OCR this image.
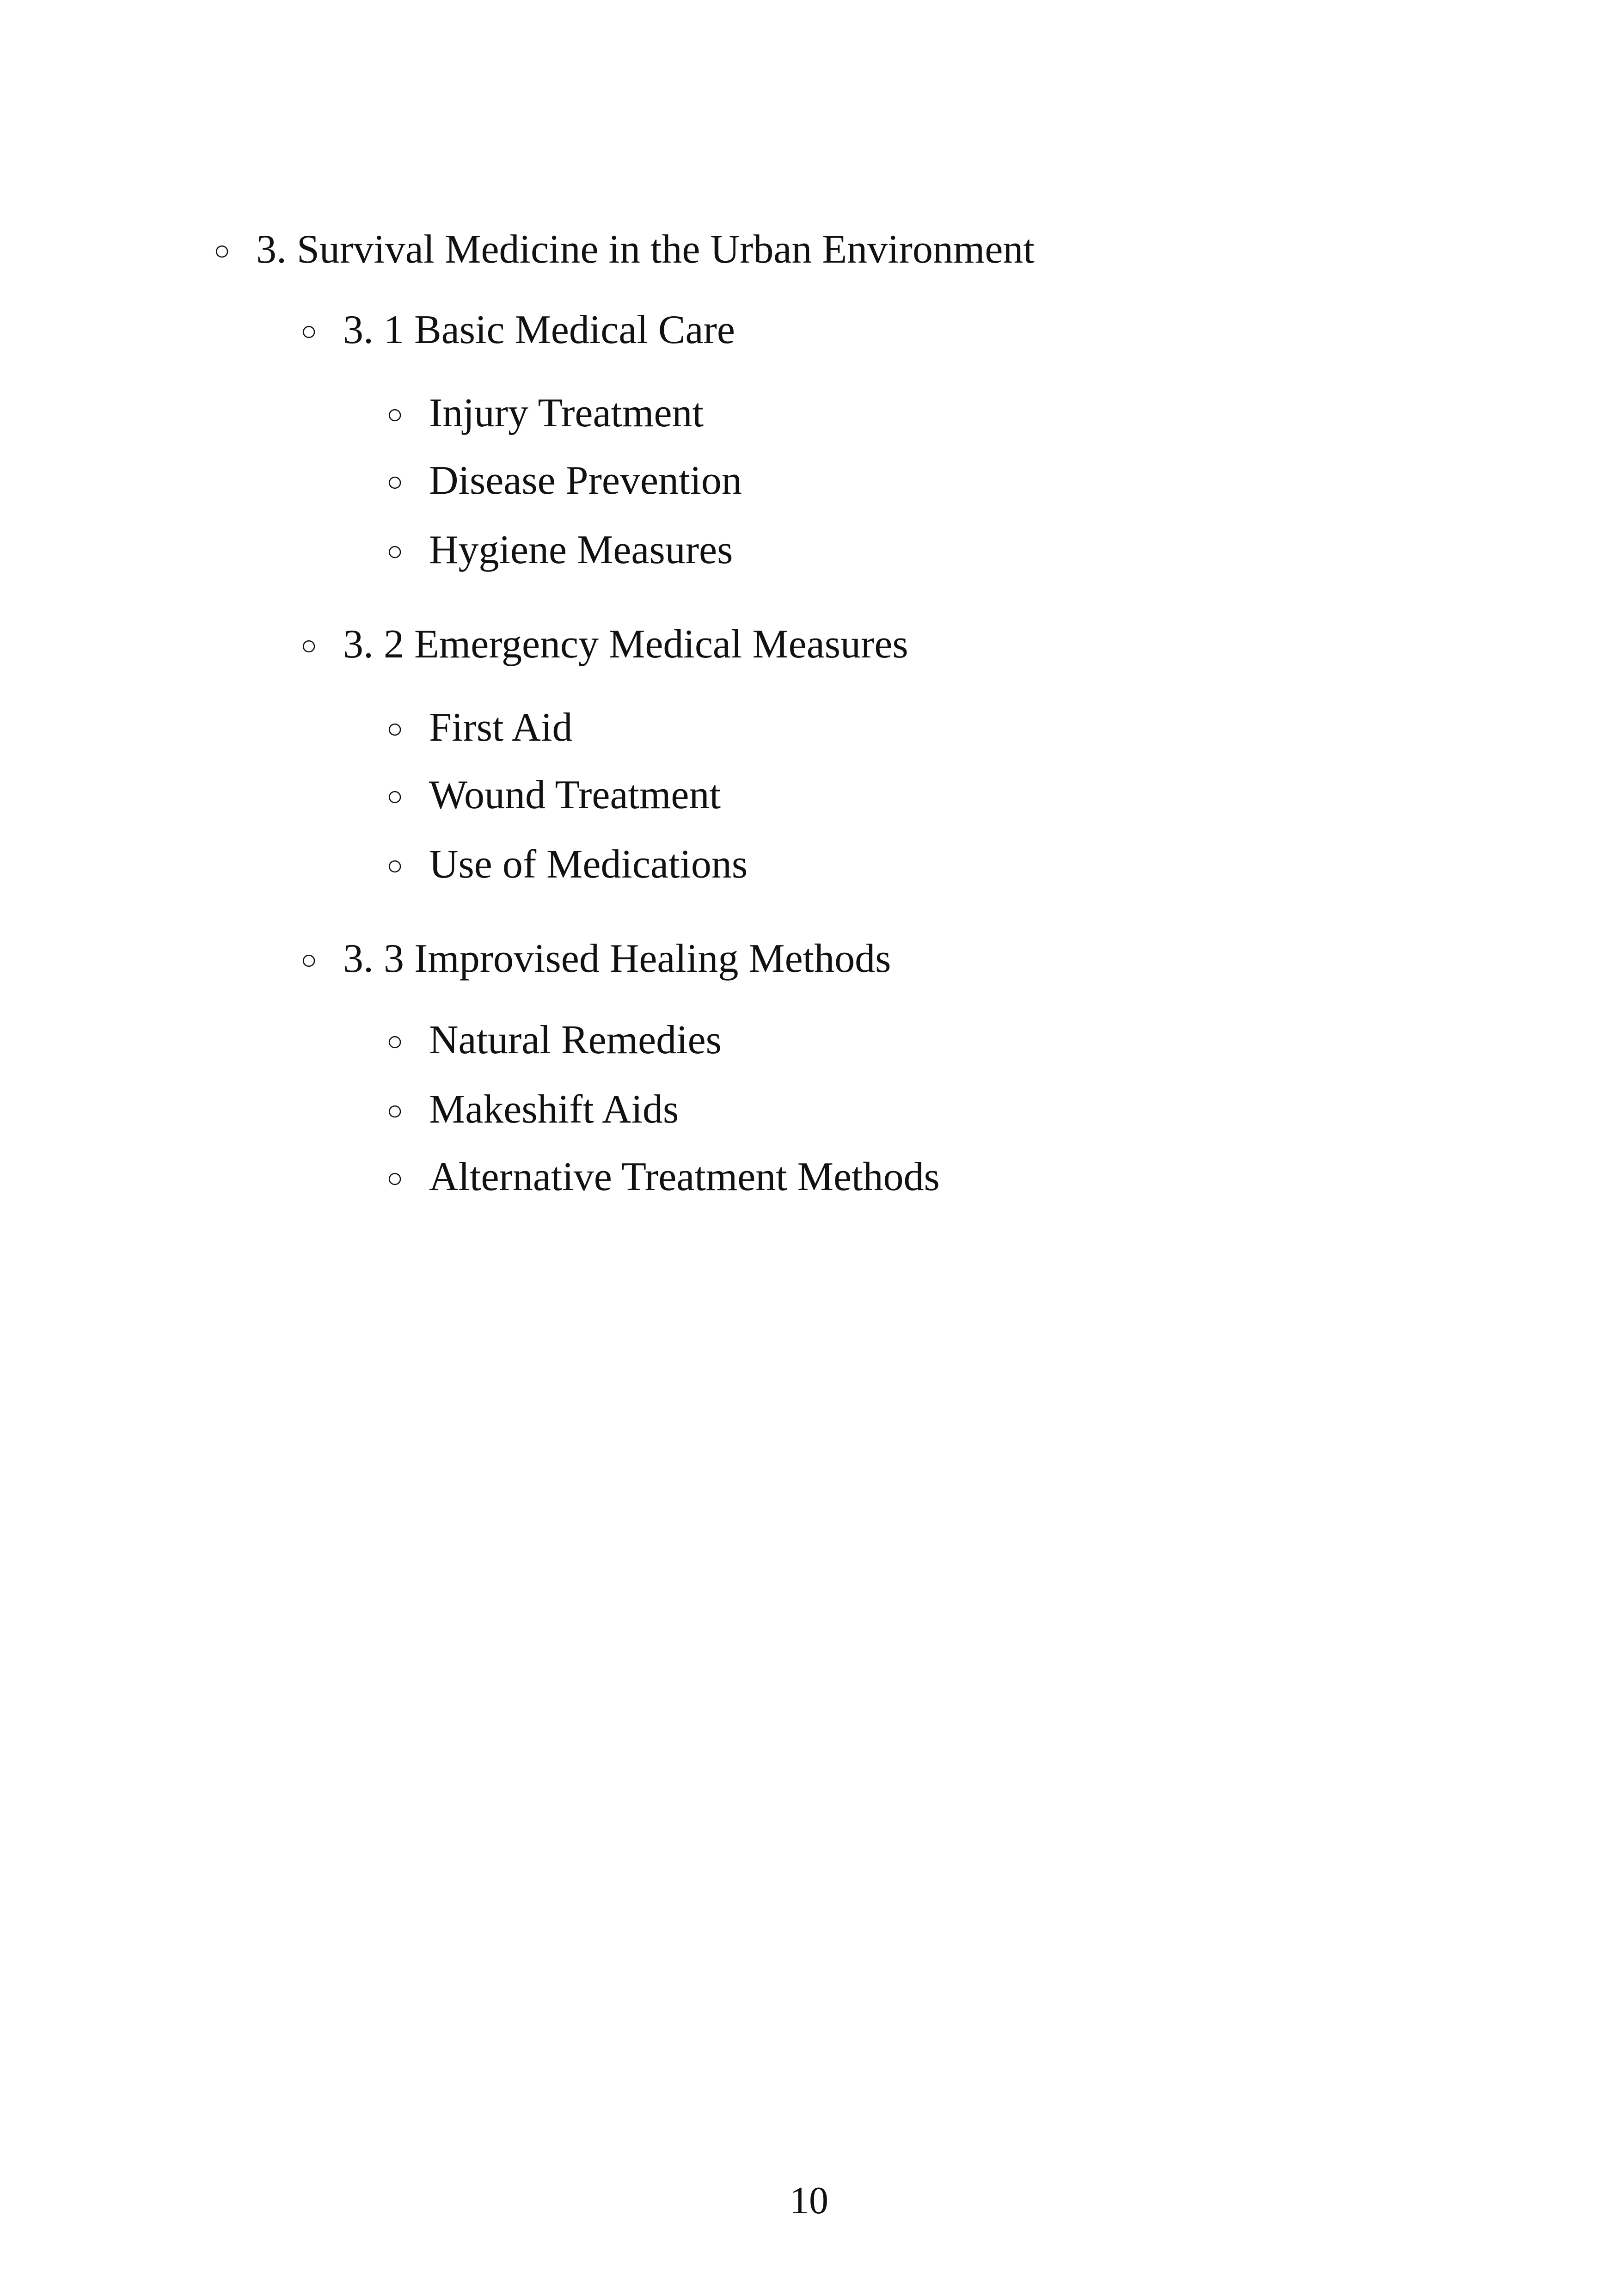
○ 3. Survival Medicine in the Urban Environment
○ 3. 1 Basic Medical Care
○ Injury Treatment
○ Disease Prevention
○ Hygiene Measures
○ 3. 2 Emergency Medical Measures
○ First Aid
○ Wound Treatment
○ Use of Medications
○ 3. 3 Improvised Healing Methods
○ Natural Remedies
○ Makeshift Aids
○ Alternative Treatment Methods
10
